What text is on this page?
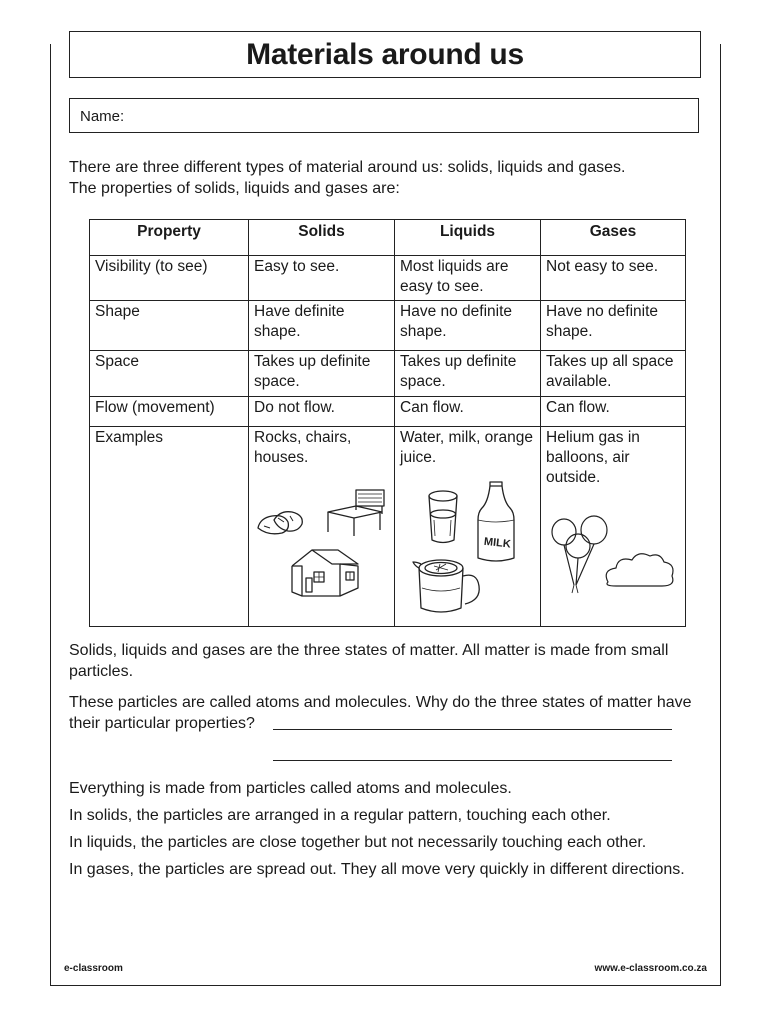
Materials around us
Name:

There are three different types of material around us: solids, liquids and gases.

The properties of solids, liquids and gases are:

Property	Solids	Liquids	Gases
Visibility (to see)	Easy to see.	Most liquids are easy to see.	Not easy to see.
Shape	Have definite shape.	Have no definite shape.	Have no definite shape.
Space	Takes up definite space.	Takes up definite space.	Takes up all space available.
Flow (movement)	Do not flow.	Can flow.	Can flow.
Examples	Rocks, chairs, houses.	Water, milk, orange juice.	Helium gas in balloons, air outside.
MILK

Solids, liquids and gases are the three states of matter. All matter is made from small particles.

These particles are called atoms and molecules. Why do the three states of matter have their particular properties?

Everything is made from particles called atoms and molecules.

In solids, the particles are arranged in a regular pattern, touching each other.

In liquids, the particles are close together but not necessarily touching each other.

In gases, the particles are spread out. They all move very quickly in different directions.

e-classroom	www.e-classroom.co.za
